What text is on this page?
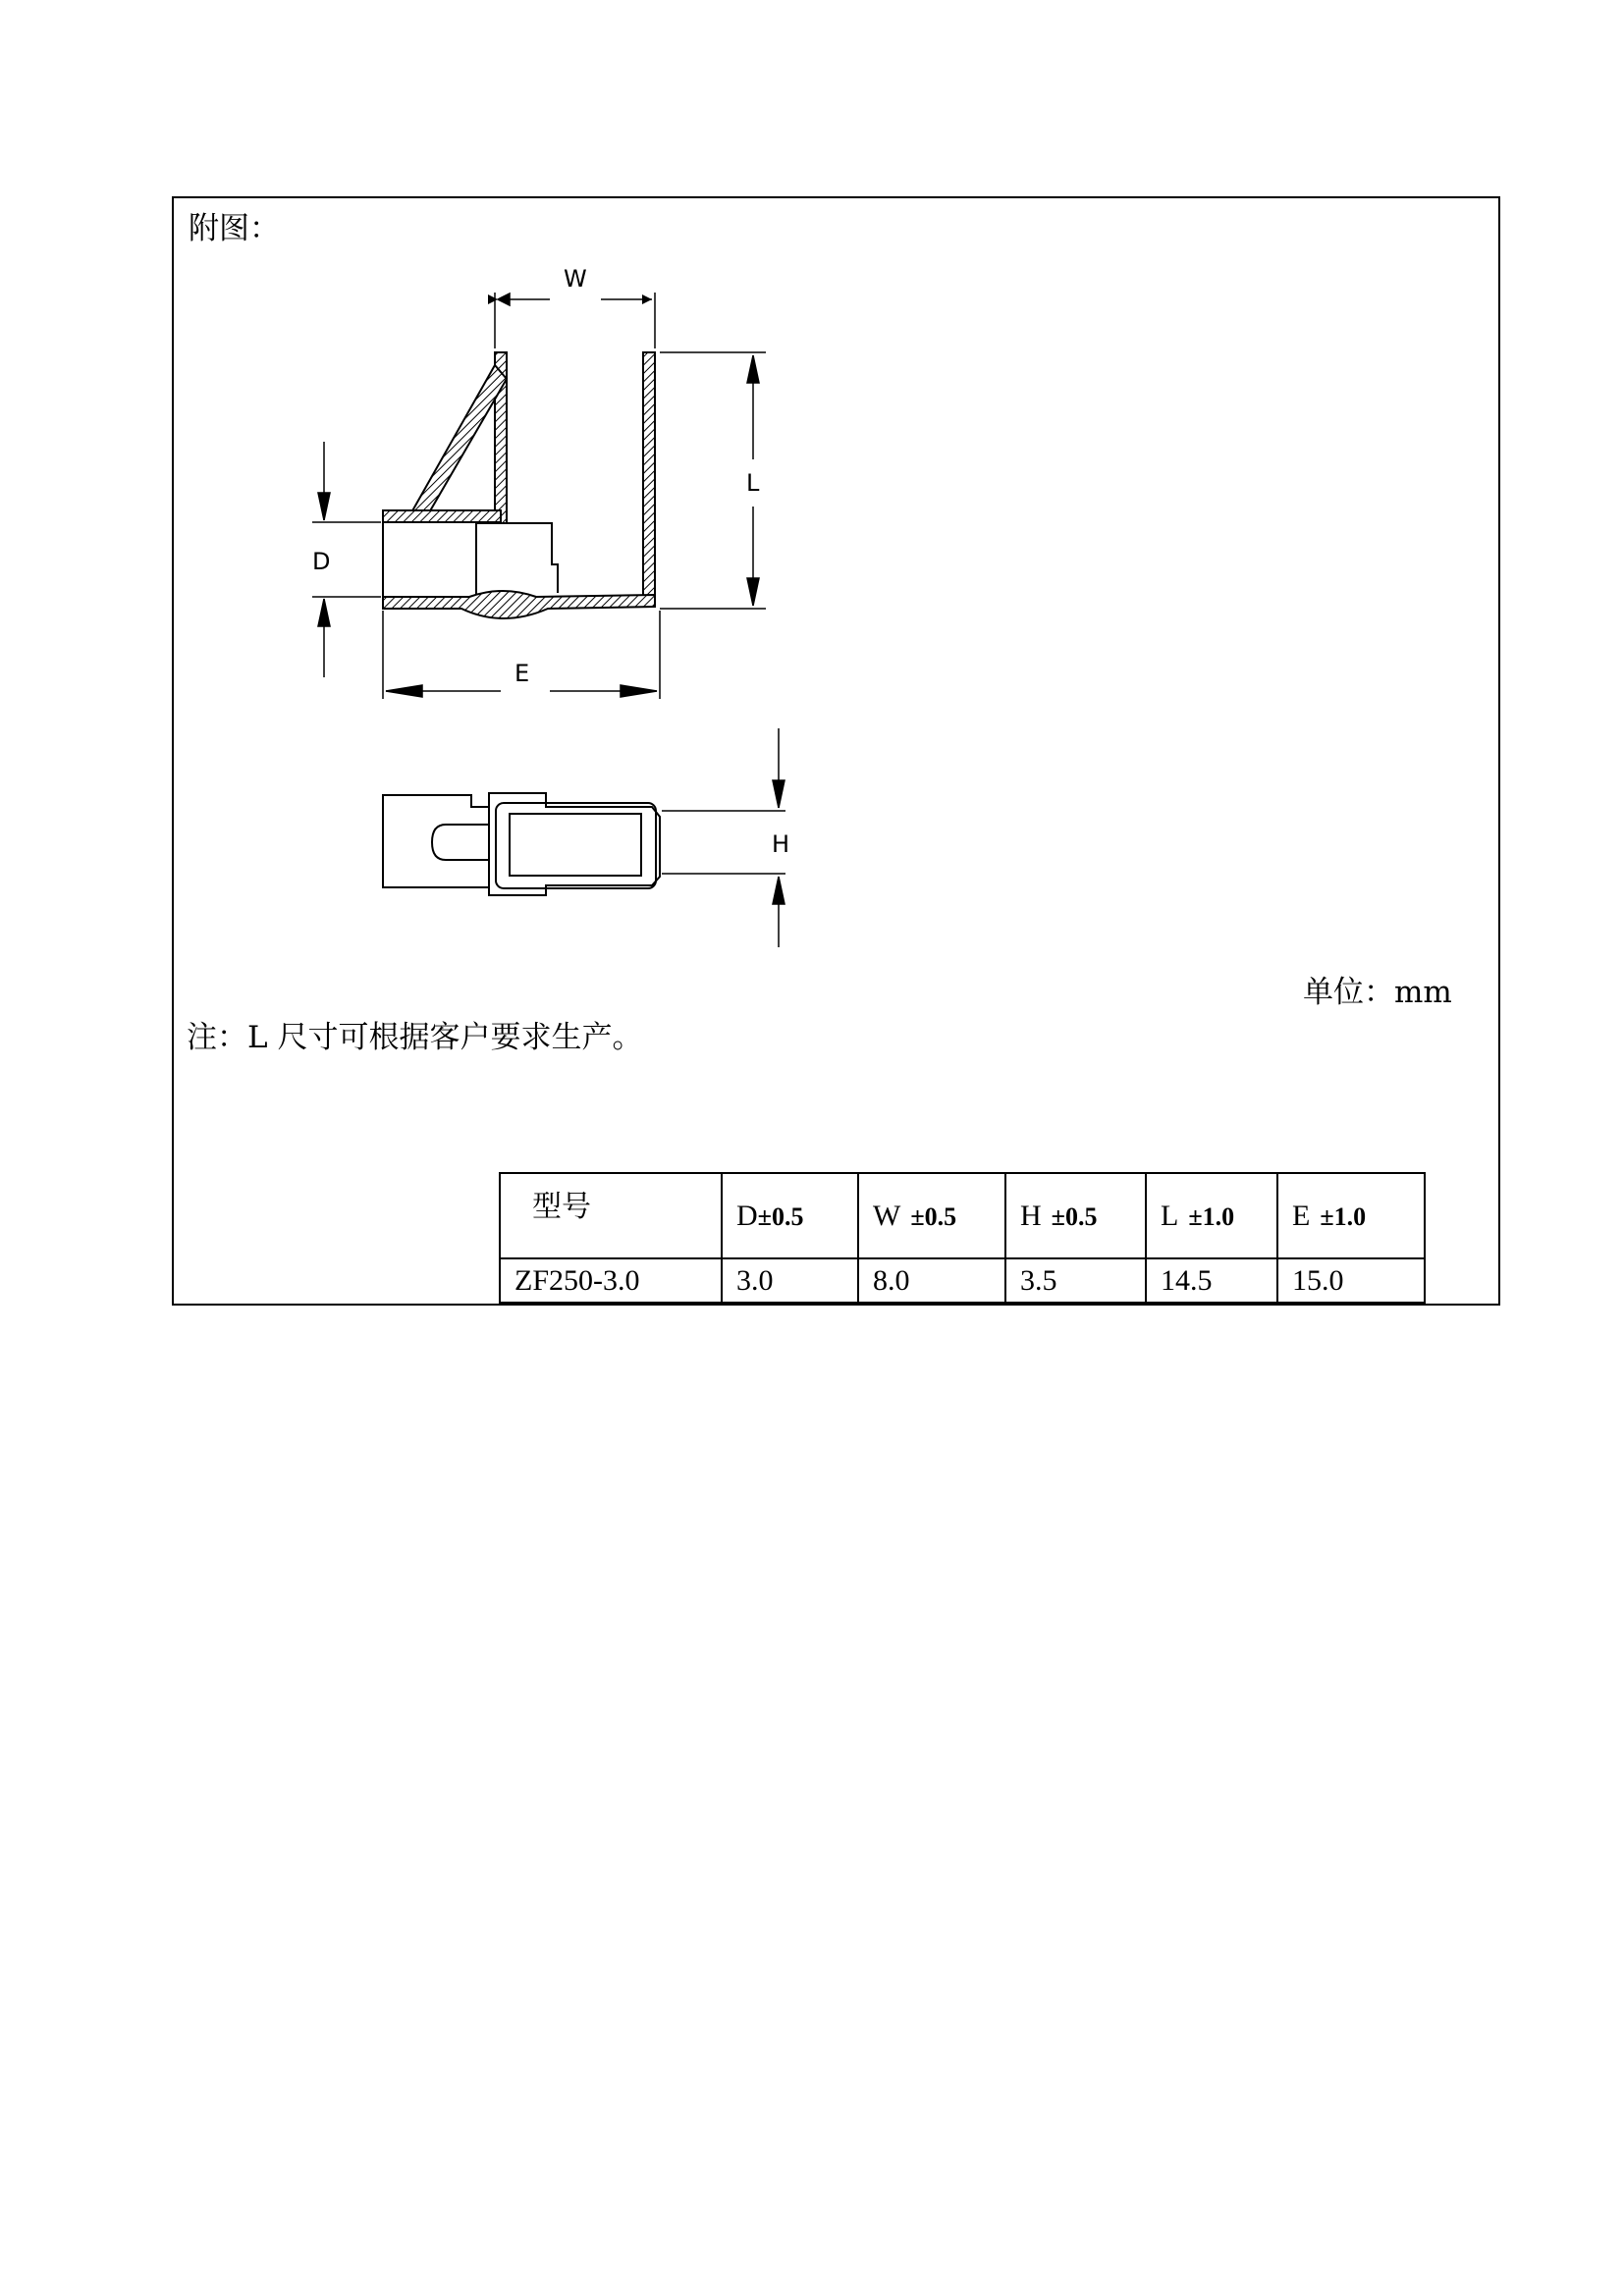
附图：
W
L
D
E
H
单位：mm
注：L 尺寸可根据客户要求生产。
型号	D±0.5	W ±0.5	H ±0.5	L ±1.0	E ±1.0
ZF250-3.0	3.0	8.0	3.5	14.5	15.0
